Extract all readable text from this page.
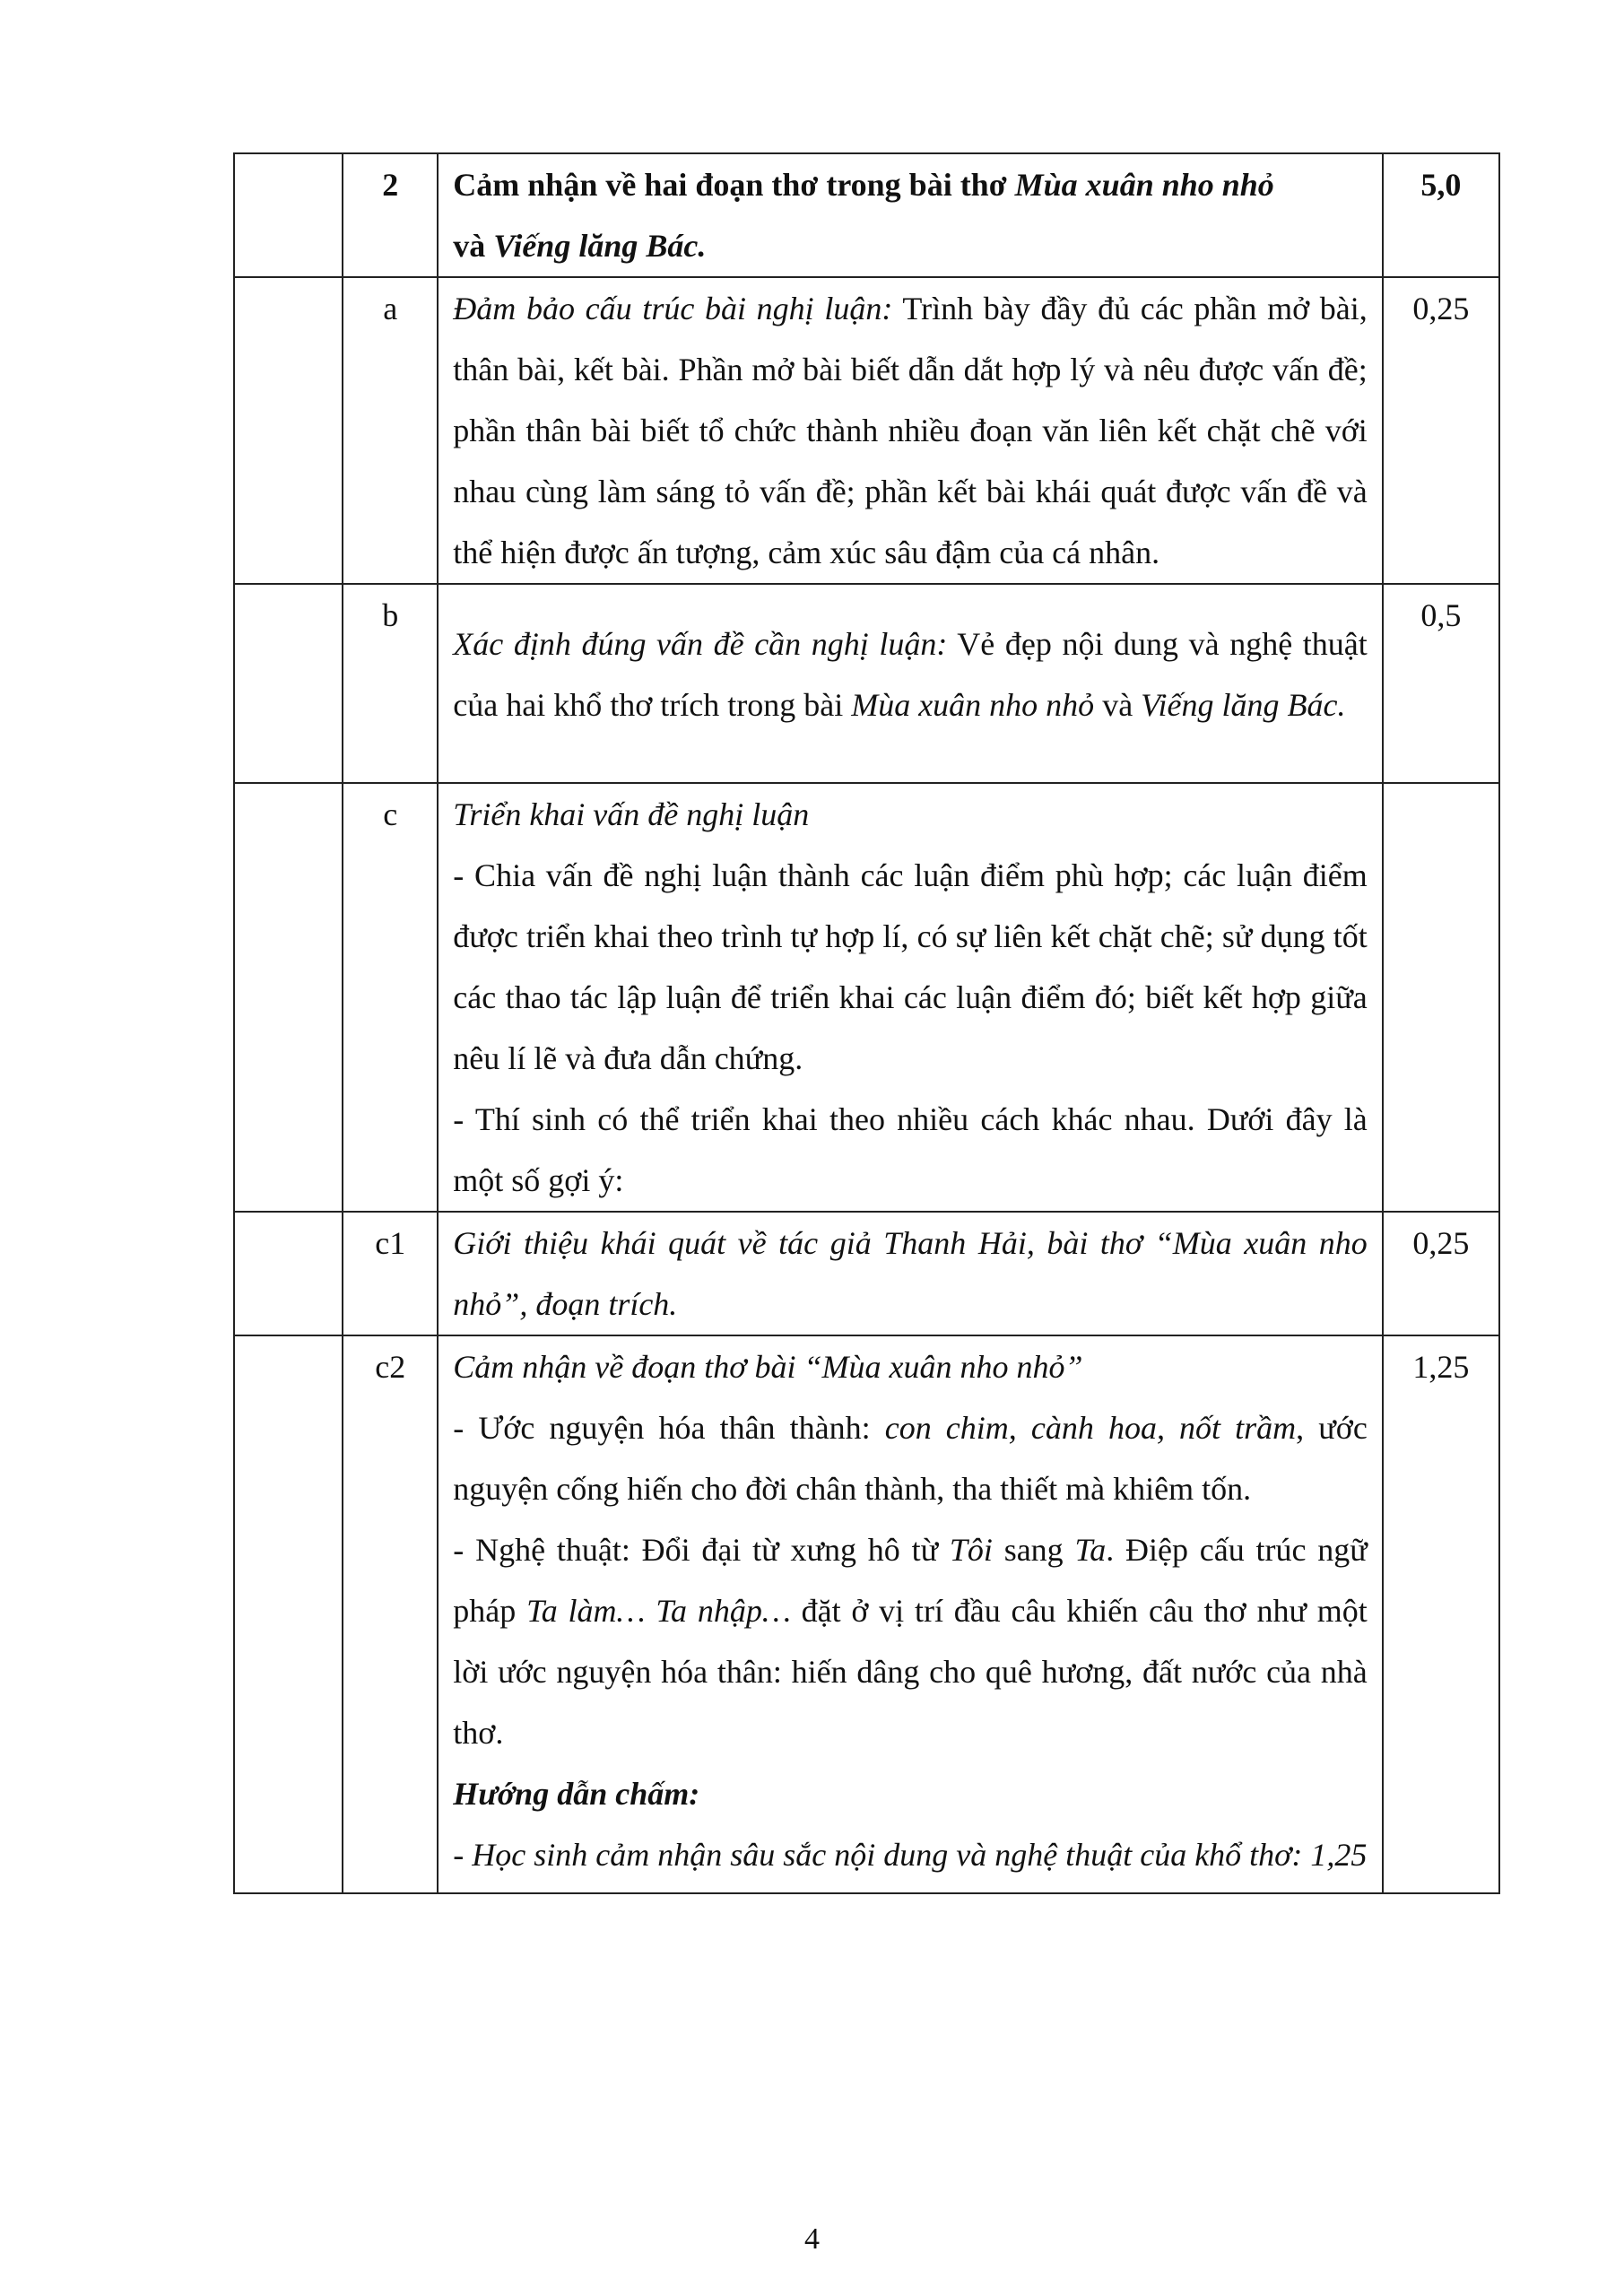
	2	Cảm nhận về hai đoạn thơ trong bài thơ Mùa xuân nho nhỏ
và Viếng lăng Bác.	5,0
	a	Đảm bảo cấu trúc bài nghị luận: Trình bày đầy đủ các phần mở bài, thân bài, kết bài. Phần mở bài biết dẫn dắt hợp lý và nêu được vấn đề; phần thân bài biết tổ chức thành nhiều đoạn văn liên kết chặt chẽ với nhau cùng làm sáng tỏ vấn đề; phần kết bài khái quát được vấn đề và thể hiện được ấn tượng, cảm xúc sâu đậm của cá nhân.	0,25
	b	Xác định đúng vấn đề cần nghị luận: Vẻ đẹp nội dung và nghệ thuật của hai khổ thơ trích trong bài Mùa xuân nho nhỏ và Viếng lăng Bác.	0,5
	c	Triển khai vấn đề nghị luận
- Chia vấn đề nghị luận thành các luận điểm phù hợp; các luận điểm được triển khai theo trình tự hợp lí, có sự liên kết chặt chẽ; sử dụng tốt các thao tác lập luận để triển khai các luận điểm đó; biết kết hợp giữa nêu lí lẽ và đưa dẫn chứng.
- Thí sinh có thể triển khai theo nhiều cách khác nhau. Dưới đây là một số gợi ý:	

	c1	Giới thiệu khái quát về tác giả Thanh Hải, bài thơ “Mùa xuân nho nhỏ”, đoạn trích.	0,25
	c2	Cảm nhận về đoạn thơ bài “Mùa xuân nho nhỏ”
- Ước nguyện hóa thân thành: con chim, cành hoa, nốt trầm, ước nguyện cống hiến cho đời chân thành, tha thiết mà khiêm tốn.
- Nghệ thuật: Đổi đại từ xưng hô từ Tôi sang Ta. Điệp cấu trúc ngữ pháp Ta làm… Ta nhập… đặt ở vị trí đầu câu khiến câu thơ như một lời ước nguyện hóa thân: hiến dâng cho quê hương, đất nước của nhà thơ.
Hướng dẫn chấm:
- Học sinh cảm nhận sâu sắc nội dung và nghệ thuật của khổ thơ: 1,25	1,25
4
